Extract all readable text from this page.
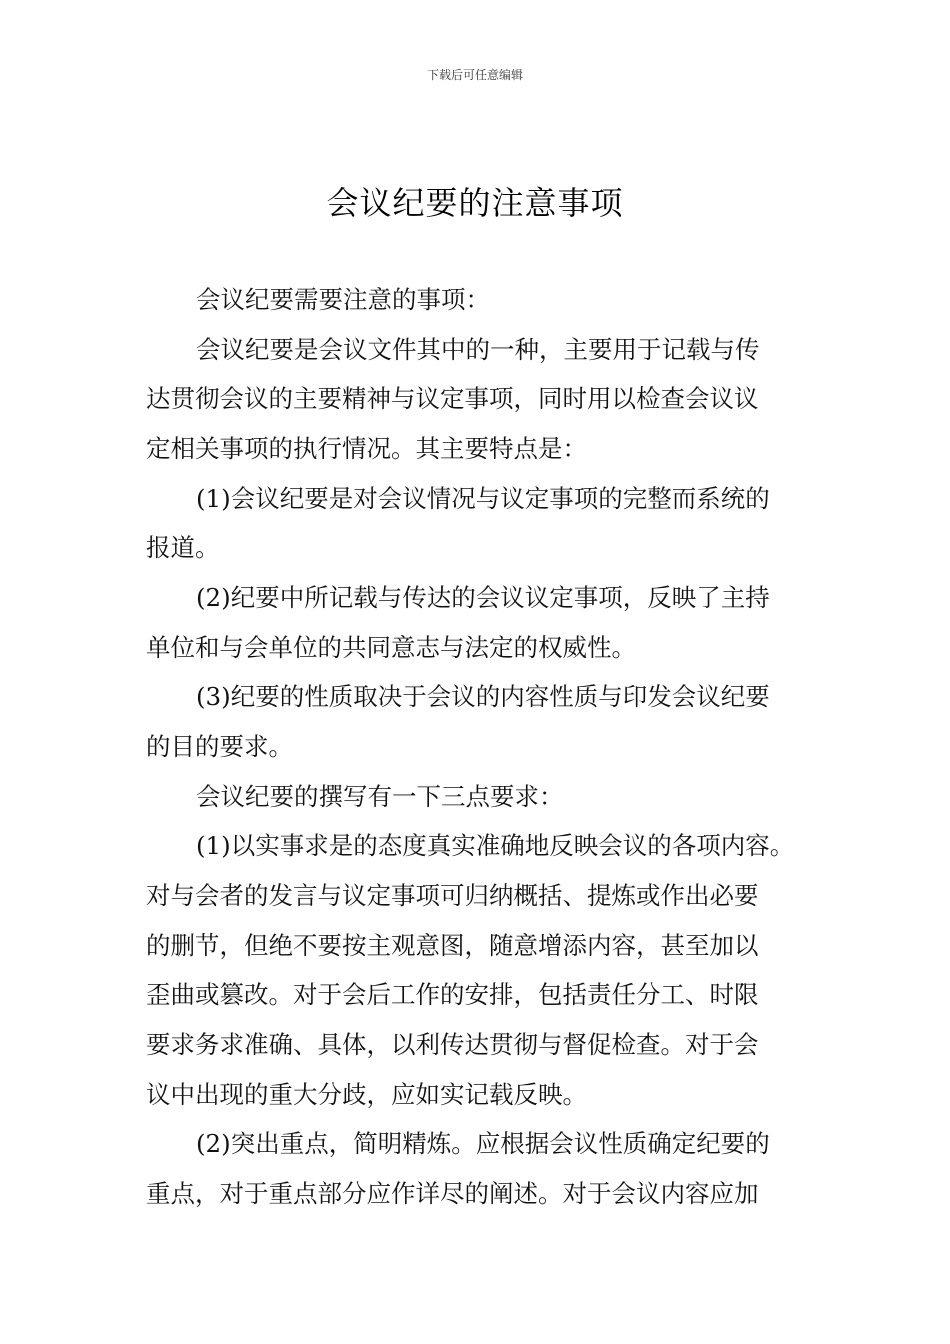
下载后可任意编辑
会议纪要的注意事项
会议纪要需要注意的事项：
会议纪要是会议文件其中的一种，主要用于记载与传
达贯彻会议的主要精神与议定事项，同时用以检查会议议
定相关事项的执行情况。其主要特点是：
(1)会议纪要是对会议情况与议定事项的完整而系统的
报道。
(2)纪要中所记载与传达的会议议定事项，反映了主持
单位和与会单位的共同意志与法定的权威性。
(3)纪要的性质取决于会议的内容性质与印发会议纪要
的目的要求。
会议纪要的撰写有一下三点要求：
(1)以实事求是的态度真实准确地反映会议的各项内容。
对与会者的发言与议定事项可归纳概括、提炼或作出必要
的删节，但绝不要按主观意图，随意增添内容，甚至加以
歪曲或篡改。对于会后工作的安排，包括责任分工、时限
要求务求准确、具体，以利传达贯彻与督促检查。对于会
议中出现的重大分歧，应如实记载反映。
(2)突出重点，简明精炼。应根据会议性质确定纪要的
重点，对于重点部分应作详尽的阐述。对于会议内容应加
